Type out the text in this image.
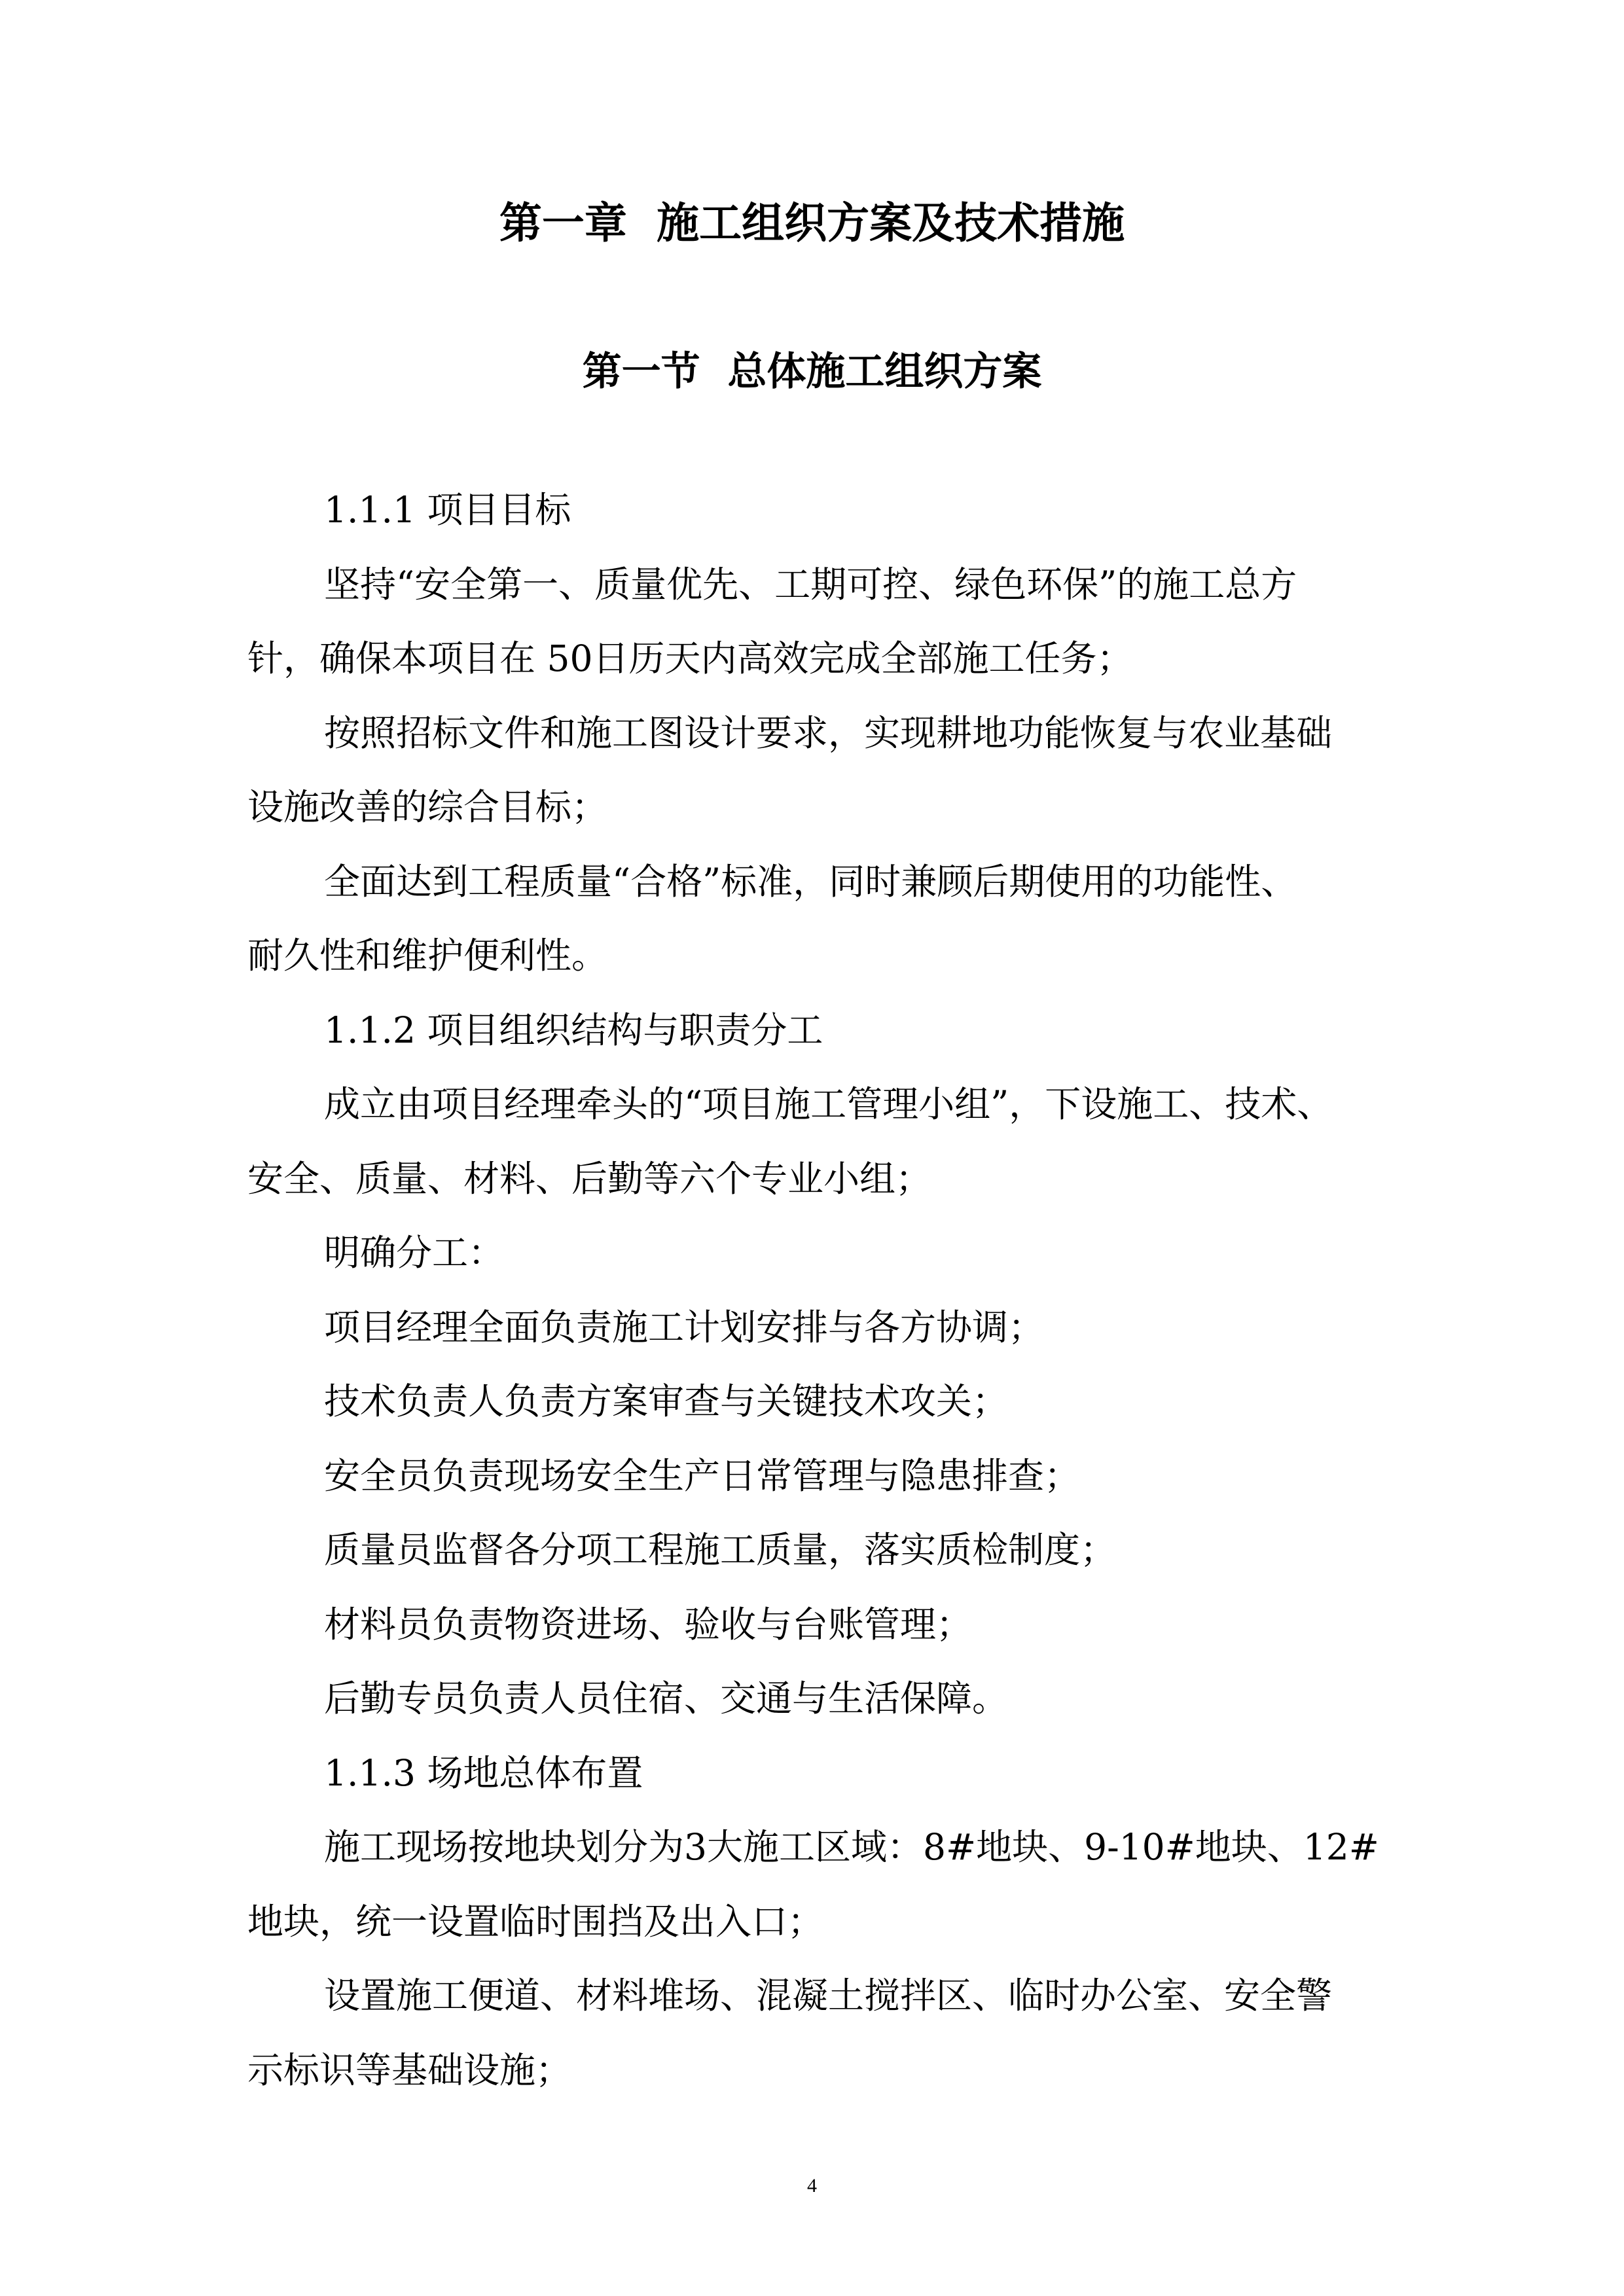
第一章  施工组织方案及技术措施
第一节  总体施工组织方案
1.1.1 项目目标
坚持“安全第一、质量优先、工期可控、绿色环保”的施工总方
针，确保本项目在 50日历天内高效完成全部施工任务；
按照招标文件和施工图设计要求，实现耕地功能恢复与农业基础
设施改善的综合目标；
全面达到工程质量“合格”标准，同时兼顾后期使用的功能性、
耐久性和维护便利性。
1.1.2 项目组织结构与职责分工
成立由项目经理牵头的“项目施工管理小组”，下设施工、技术、
安全、质量、材料、后勤等六个专业小组；
明确分工：
项目经理全面负责施工计划安排与各方协调；
技术负责人负责方案审查与关键技术攻关；
安全员负责现场安全生产日常管理与隐患排查；
质量员监督各分项工程施工质量，落实质检制度；
材料员负责物资进场、验收与台账管理；
后勤专员负责人员住宿、交通与生活保障。
1.1.3 场地总体布置
施工现场按地块划分为3大施工区域：8#地块、9-10#地块、12#
地块，统一设置临时围挡及出入口；
设置施工便道、材料堆场、混凝土搅拌区、临时办公室、安全警
示标识等基础设施；
4
